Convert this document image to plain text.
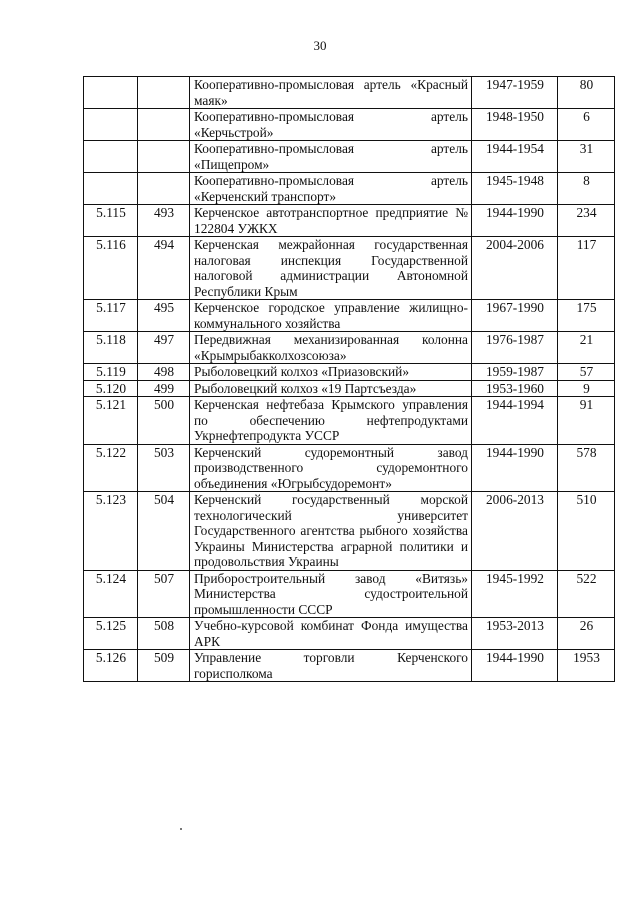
30
		Кооперативно-промысловая артель «Красный маяк»	1947-1959	80
		Кооперативно-промысловая артель «Керчьстрой»	1948-1950	6
		Кооперативно-промысловая артель «Пищепром»	1944-1954	31
		Кооперативно-промысловая артель «Керченский транспорт»	1945-1948	8
5.115	493	Керченское автотранспортное предприятие № 122804 УЖКХ	1944-1990	234
5.116	494	Керченская межрайонная государственная налоговая инспекция Государственной налоговой администрации Автономной Республики Крым	2004-2006	117
5.117	495	Керченское городское управление жилищно-коммунального хозяйства	1967-1990	175
5.118	497	Передвижная механизированная колонна «Крымрыбакколхозсоюза»	1976-1987	21
5.119	498	Рыболовецкий колхоз «Приазовский»	1959-1987	57
5.120	499	Рыболовецкий колхоз «19 Партсъезда»	1953-1960	9
5.121	500	Керченская нефтебаза Крымского управления по обеспечению нефтепродуктами Укрнефтепродукта УССР	1944-1994	91
5.122	503	Керченский судоремонтный завод производственного судоремонтного объединения «Югрыбсудоремонт»	1944-1990	578
5.123	504	Керченский государственный морской технологический университет Государственного агентства рыбного хозяйства Украины Министерства аграрной политики и продовольствия Украины	2006-2013	510
5.124	507	Приборостроительный завод «Витязь» Министерства судостроительной промышленности СССР	1945-1992	522
5.125	508	Учебно-курсовой комбинат Фонда имущества АРК	1953-2013	26
5.126	509	Управление торговли Керченского горисполкома	1944-1990	1953
